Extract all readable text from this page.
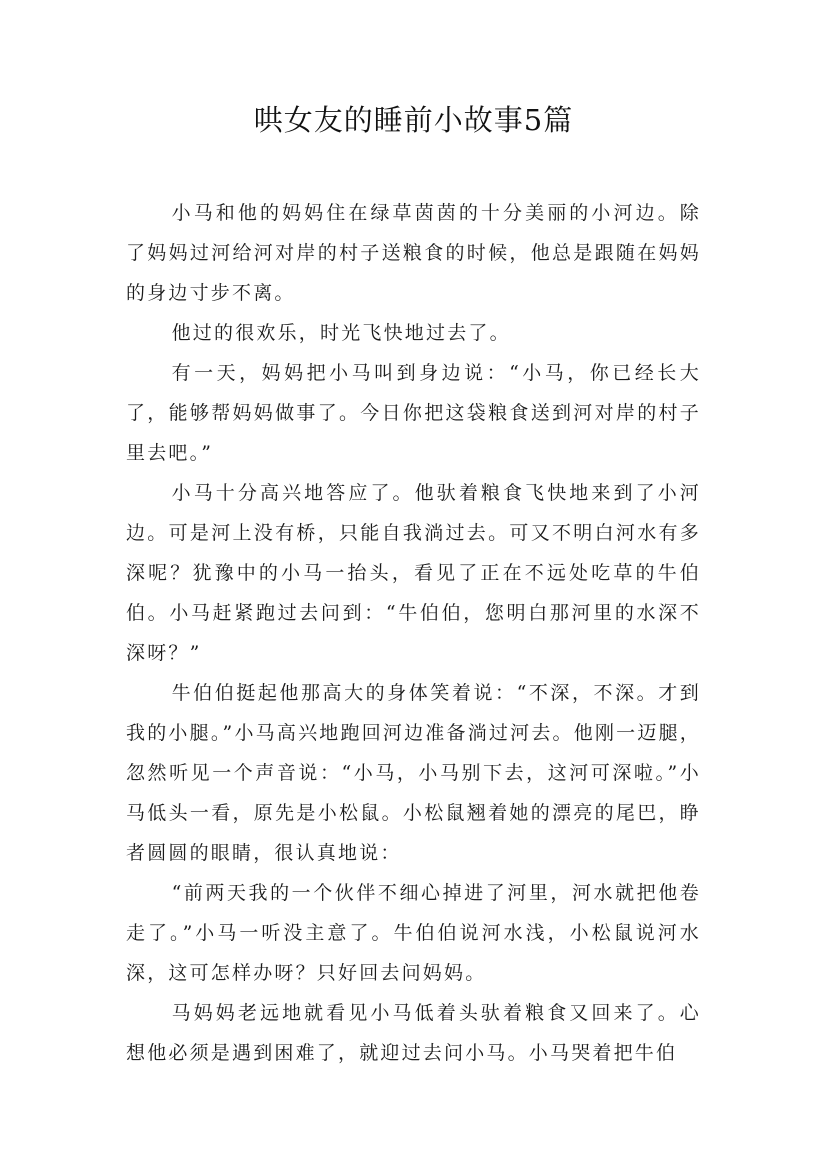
哄女友的睡前小故事5篇

小马和他的妈妈住在绿草茵茵的十分美丽的小河边。除了妈妈过河给河对岸的村子送粮食的时候，他总是跟随在妈妈的身边寸步不离。

他过的很欢乐，时光飞快地过去了。

有一天，妈妈把小马叫到身边说：“小马，你已经长大了，能够帮妈妈做事了。今日你把这袋粮食送到河对岸的村子里去吧。”

小马十分高兴地答应了。他驮着粮食飞快地来到了小河边。可是河上没有桥，只能自我淌过去。可又不明白河水有多深呢？犹豫中的小马一抬头，看见了正在不远处吃草的牛伯伯。小马赶紧跑过去问到：“牛伯伯，您明白那河里的水深不深呀？”

牛伯伯挺起他那高大的身体笑着说：“不深，不深。才到我的小腿。”小马高兴地跑回河边准备淌过河去。他刚一迈腿，忽然听见一个声音说：“小马，小马别下去，这河可深啦。”小马低头一看，原先是小松鼠。小松鼠翘着她的漂亮的尾巴，睁者圆圆的眼睛，很认真地说：

“前两天我的一个伙伴不细心掉进了河里，河水就把他卷走了。”小马一听没主意了。牛伯伯说河水浅，小松鼠说河水深，这可怎样办呀？只好回去问妈妈。

马妈妈老远地就看见小马低着头驮着粮食又回来了。心想他必须是遇到困难了，就迎过去问小马。小马哭着把牛伯
